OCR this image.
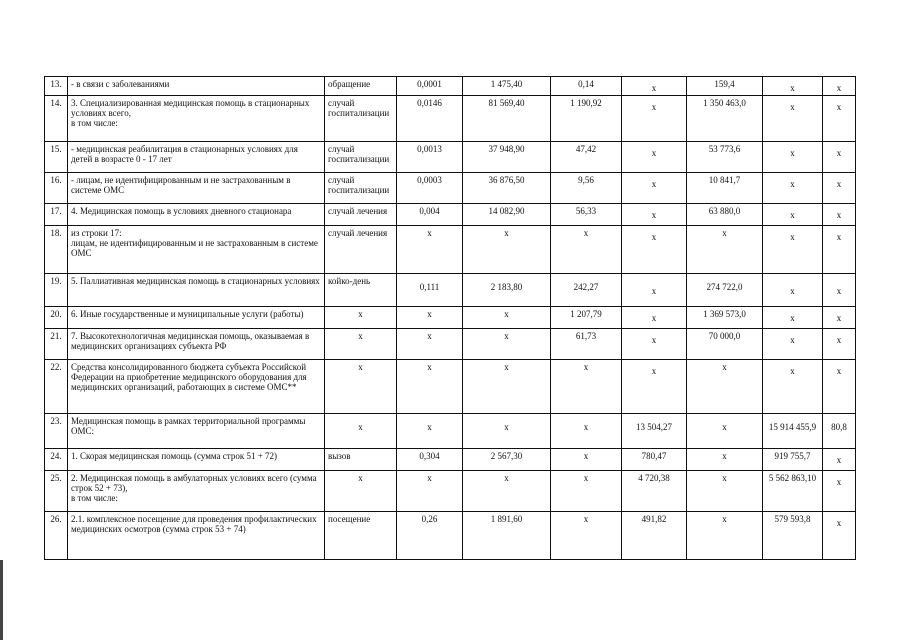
13.	- в связи с заболеваниями	обращение	0,0001	1 475,40	0,14	х	159,4	х	х
14.	3. Специализированная медицинская помощь в стационарных условиях всего,
в том числе:	случай госпитализации	0,0146	81 569,40	1 190,92	х	1 350 463,0	х	х
15.	- медицинская реабилитация в стационарных условиях для детей в возрасте 0 - 17 лет	случай госпитализации	0,0013	37 948,90	47,42	х	53 773,6	х	х
16.	- лицам, не идентифицированным и не застрахованным в системе ОМС	случай госпитализации	0,0003	36 876,50	9,56	х	10 841,7	х	х
17.	4. Медицинская помощь в условиях дневного стационара	случай лечения	0,004	14 082,90	56,33	х	63 880,0	х	х
18.	из строки 17:
лицам, не идентифицированным и не застрахованным в системе ОМС	случай лечения	х	х	х	х	х	х	х
19.	5. Паллиативная медицинская помощь в стационарных условиях	койко-день	0,111	2 183,80	242,27	х	274 722,0	х	х
20.	6. Иные государственные и муниципальные услуги (работы)	х	х	х	1 207,79	х	1 369 573,0	х	х
21.	7. Высокотехнологичная медицинская помощь, оказываемая в медицинских организациях субъекта РФ	х	х	х	61,73	х	70 000,0	х	х
22.	Средства консолидированного бюджета субъекта Российской Федерации на приобретение медицинского оборудования для медицинских организаций, работающих в системе ОМС**	х	х	х	х	х	х	х	х
23.	Медицинская помощь в рамках территориальной программы ОМС:	х	х	х	х	13 504,27	х	15 914 455,9	80,8
24.	1. Скорая медицинская помощь (сумма строк 51 + 72)	вызов	0,304	2 567,30	х	780,47	х	919 755,7	х
25.	2. Медицинская помощь в амбулаторных условиях всего (сумма строк 52 + 73),
в том числе:	х	х	х	х	4 720,38	х	5 562 863,10	х
26.	2.1. комплексное посещение для проведения профилактических медицинских осмотров (сумма строк 53 + 74)	посещение	0,26	1 891,60	х	491,82	х	579 593,8	х
